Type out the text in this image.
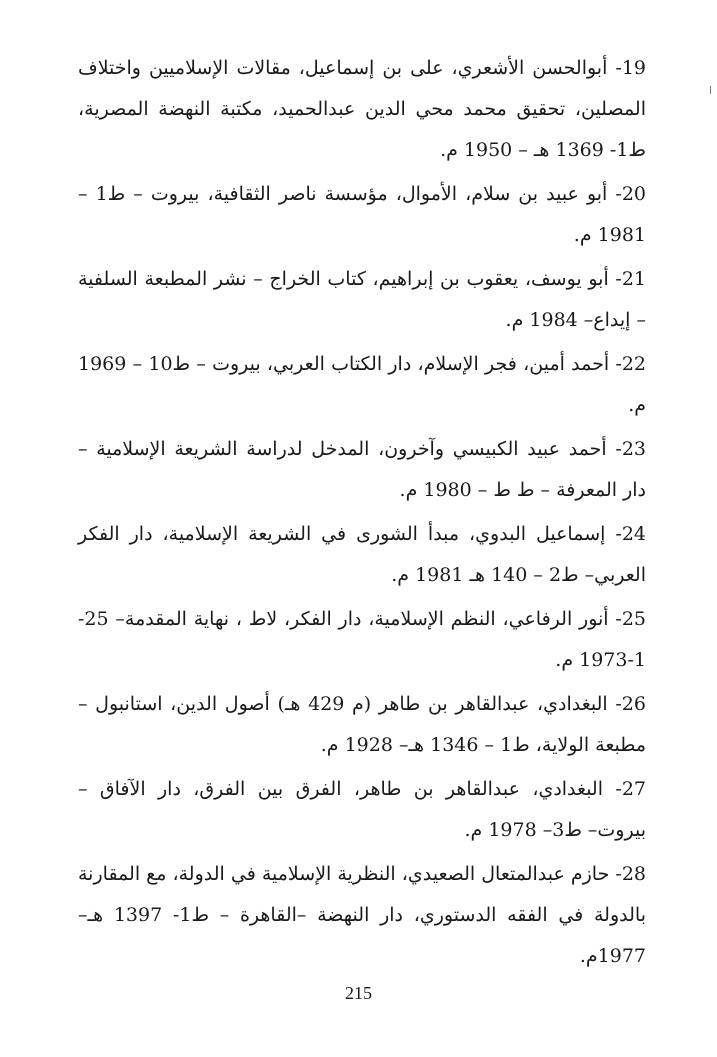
19- أبوالحسن الأشعري، على بن إسماعيل، مقالات الإسلاميين واختلاف المصلين، تحقيق محمد محي الدين عبدالحميد، مكتبة النهضة المصرية، ط1- 1369 هـ – 1950 م.

20- أبو عبيد بن سلام، الأموال، مؤسسة ناصر الثقافية، بيروت – ط1 – 1981 م.

21- أبو يوسف، يعقوب بن إبراهيم، كتاب الخراج – نشر المطبعة السلفية – إيداع– 1984 م.

22- أحمد أمين، فجر الإسلام، دار الكتاب العربي، بيروت – ط10 – 1969 م.

23- أحمد عبيد الكبيسي وآخرون، المدخل لدراسة الشريعة الإسلامية – دار المعرفة – ط ط – 1980 م.

24- إسماعيل البدوي، مبدأ الشورى في الشريعة الإسلامية، دار الفكر العربي– ط2 – 140 هـ 1981 م.

25- أنور الرفاعي، النظم الإسلامية، دار الفكر، لاط ، نهاية المقدمة– 25- 1-1973 م.

26- البغدادي، عبدالقاهر بن طاهر (م 429 هـ) أصول الدين، استانبول – مطبعة الولاية، ط1 – 1346 هـ– 1928 م.

27- البغدادي، عبدالقاهر بن طاهر، الفرق بين الفرق، دار الآفاق – بيروت– ط3– 1978 م.

28- حازم عبدالمتعال الصعيدي، النظرية الإسلامية في الدولة، مع المقارنة بالدولة في الفقه الدستوري، دار النهضة –القاهرة – ط1- 1397 هـ– 1977م.

215
